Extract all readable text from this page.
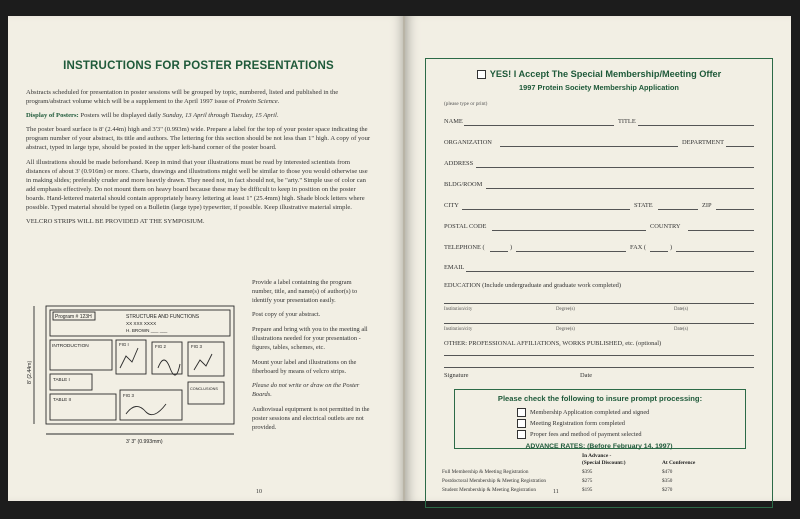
INSTRUCTIONS FOR POSTER PRESENTATIONS

Abstracts scheduled for presentation in poster sessions will be grouped by topic, numbered, listed and published in the program/abstract volume which will be a supplement to the April 1997 issue of Protein Science.

Display of Posters: Posters will be displayed daily Sunday, 13 April through Tuesday, 15 April.

The poster board surface is 8' (2.44m) high and 3'3" (0.993m) wide. Prepare a label for the top of your poster space indicating the program number of your abstract, its title and authors. The lettering for this section should be not less than 1" high. A copy of your abstract, typed in large type, should be posted in the upper left-hand corner of the poster board.

All illustrations should be made beforehand. Keep in mind that your illustrations must be read by interested scientists from distances of about 3' (0.916m) or more. Charts, drawings and illustrations might well be similar to those you would otherwise use in making slides; preferably cruder and more heavily drawn. They need not, in fact should not, be "arty." Simple use of color can add emphasis effectively. Do not mount them on heavy board because these may be difficult to keep in position on the poster boards. Hand-lettered material should contain appropriately heavy lettering at least 1" (25.4mm) high. Shade block letters where possible. Typed material should be typed on a Bulletin (large type) typewriter, if possible. Keep illustrative material simple.

VELCRO STRIPS WILL BE PROVIDED AT THE SYMPOSIUM.

Program # 123H	STRUCTURE AND FUNCTIONS
XX XXX XXXX
H. BROWN ___ ___
INTRODUCTION
TABLE I
TABLE II
FIG I	FIG 2	FIG 3
FIG 3
CONCLUSIONS
3' 3" (0.993mm)
8' (2.44m)

Provide a label containing the program number, title, and name(s) of author(s) to identify your presentation easily.

Post copy of your abstract.

Prepare and bring with you to the meeting all illustrations needed for your presentation - figures, tables, schemes, etc.

Mount your label and illustrations on the fiberboard by means of velcro strips.

Please do not write or draw on the Poster Boards.

Audiovisual equipment is not permitted in the poster sessions and electrical outlets are not provided.

10
YES! I Accept The Special Membership/Meeting Offer
1997 Protein Society Membership Application
(please type or print)
NAME	TITLE
ORGANIZATION	DEPARTMENT
ADDRESS
BLDG/ROOM
CITY	STATE	ZIP
POSTAL CODE	COUNTRY
TELEPHONE (	)	FAX (	)
EMAIL
EDUCATION (Include undergraduate and graduate work completed)
Institution/city	Degree(s)	Date(s)
Institution/city	Degree(s)	Date(s)
OTHER: PROFESSIONAL AFFILIATIONS, WORKS PUBLISHED, etc. (optional)
Signature	Date
Please check the following to insure prompt processing:
Membership Application completed and signed
Meeting Registration form completed
Proper fees and method of payment selected
ADVANCE RATES: (Before February 14, 1997)
In Advance -
(Special Discount:)	At Conference
Full Membership & Meeting Registration	$395	$470
Postdoctoral Membership & Meeting Registration	$275	$350
Student Membership & Meeting Registration	$195	$270
11
